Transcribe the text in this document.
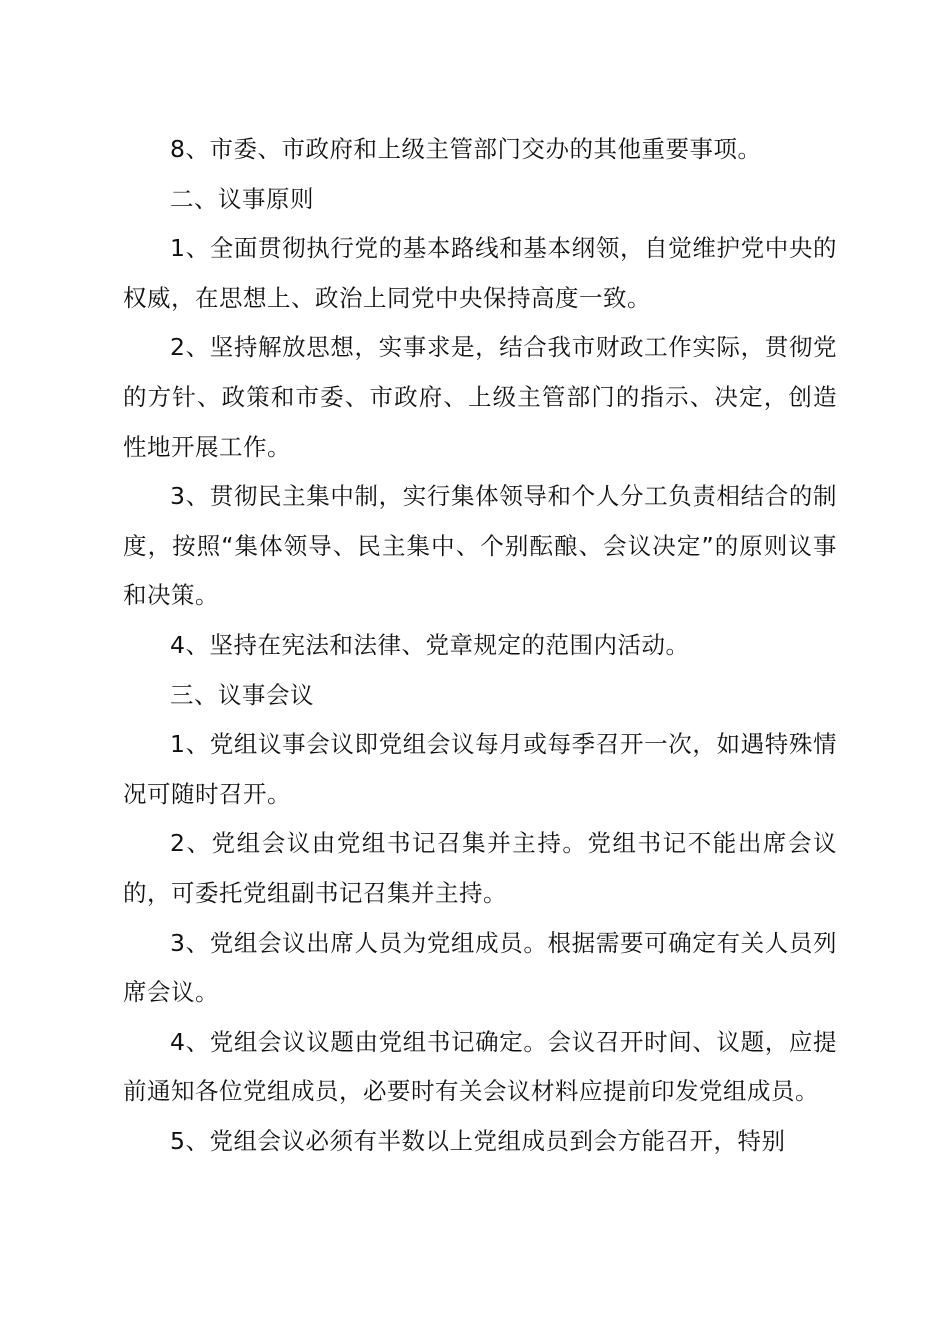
8、市委、市政府和上级主管部门交办的其他重要事项。

二、议事原则

1、全面贯彻执行党的基本路线和基本纲领，自觉维护党中央的权威，在思想上、政治上同党中央保持高度一致。

2、坚持解放思想，实事求是，结合我市财政工作实际，贯彻党的方针、政策和市委、市政府、上级主管部门的指示、决定，创造性地开展工作。

3、贯彻民主集中制，实行集体领导和个人分工负责相结合的制度，按照“集体领导、民主集中、个别酝酿、会议决定”的原则议事和决策。

4、坚持在宪法和法律、党章规定的范围内活动。

三、议事会议

1、党组议事会议即党组会议每月或每季召开一次，如遇特殊情况可随时召开。

2、党组会议由党组书记召集并主持。党组书记不能出席会议的，可委托党组副书记召集并主持。

3、党组会议出席人员为党组成员。根据需要可确定有关人员列席会议。

4、党组会议议题由党组书记确定。会议召开时间、议题，应提前通知各位党组成员，必要时有关会议材料应提前印发党组成员。

5、党组会议必须有半数以上党组成员到会方能召开，特别
